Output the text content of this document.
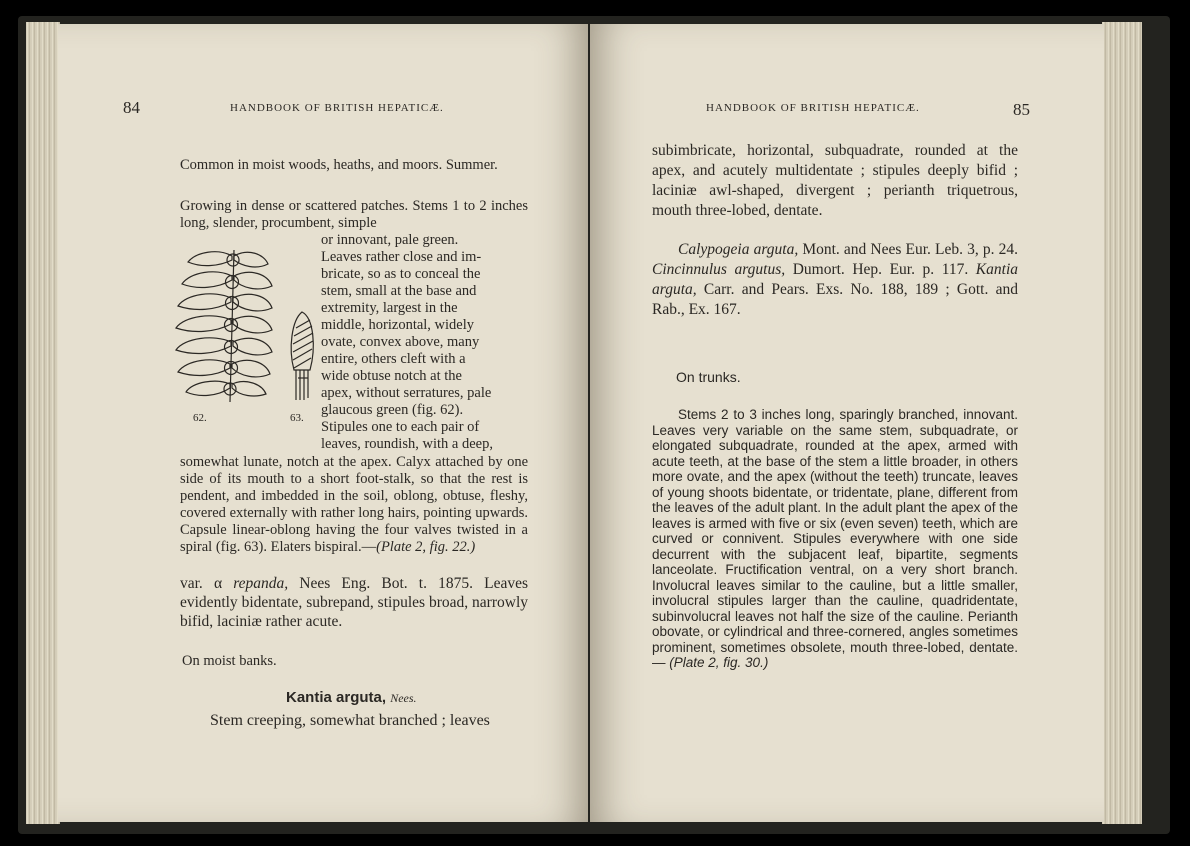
84	HANDBOOK OF BRITISH HEPATICÆ.
Common in moist woods, heaths, and moors. Summer.
Growing in dense or scattered patches. Stems 1 to 2 inches long, slender, procumbent, simple
62.	63.
or innovant, pale green.
Leaves rather close and im-
bricate, so as to conceal the
stem, small at the base and
extremity, largest in the
middle, horizontal, widely
ovate, convex above, many
entire, others cleft with a
wide obtuse notch at the
apex, without serratures, pale
glaucous green (fig. 62).
Stipules one to each pair of
leaves, roundish, with a deep,
somewhat lunate, notch at the apex. Calyx attached by one side of its mouth to a short foot-stalk, so that the rest is pendent, and imbedded in the soil, oblong, obtuse, fleshy, covered externally with rather long hairs, pointing upwards. Capsule linear-oblong having the four valves twisted in a spiral (fig. 63). Elaters bispiral.—(Plate 2, fig. 22.)
var. α repanda, Nees Eng. Bot. t. 1875. Leaves evidently bidentate, subrepand, stipules broad, narrowly bifid, laciniæ rather acute.
On moist banks.
Kantia arguta, Nees.
Stem creeping, somewhat branched ; leaves
HANDBOOK OF BRITISH HEPATICÆ.	85
subimbricate, horizontal, subquadrate, rounded at the apex, and acutely multidentate ; stipules deeply bifid ; laciniæ awl-shaped, divergent ; perianth triquetrous, mouth three-lobed, dentate.
Calypogeia arguta, Mont. and Nees Eur. Leb. 3, p. 24. Cincinnulus argutus, Dumort. Hep. Eur. p. 117. Kantia arguta, Carr. and Pears. Exs. No. 188, 189 ; Gott. and Rab., Ex. 167.
On trunks.
Stems 2 to 3 inches long, sparingly branched, innovant. Leaves very variable on the same stem, subquadrate, or elongated subquadrate, rounded at the apex, armed with acute teeth, at the base of the stem a little broader, in others more ovate, and the apex (without the teeth) truncate, leaves of young shoots bidentate, or tridentate, plane, different from the leaves of the adult plant. In the adult plant the apex of the leaves is armed with five or six (even seven) teeth, which are curved or connivent. Stipules everywhere with one side decurrent with the subjacent leaf, bipartite, segments lanceolate. Fructification ventral, on a very short branch. Involucral leaves similar to the cauline, but a little smaller, involucral stipules larger than the cauline, quadridentate, subinvolucral leaves not half the size of the cauline. Perianth obovate, or cylindrical and three-cornered, angles sometimes prominent, sometimes obsolete, mouth three-lobed, dentate.— (Plate 2, fig. 30.)
